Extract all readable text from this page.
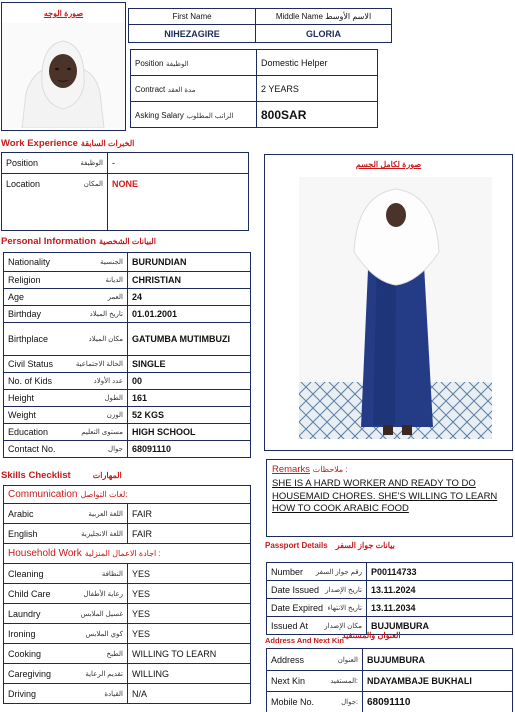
صورة الوجه	First Name	Middle Name الاسم الأوسط
NIHEZAGIRE	GLORIA
Position الوظيفة	Domestic Helper
Contract مدة العقد	2 YEARS
Asking Salary الراتب المطلوب	800SAR
Work Experience الخبرات السابقة
Position الوظيفة	-

Location المكان	NONE
Personal Information البيانات الشخصية
Nationality الجنسية	BURUNDIAN

Religion الديانة	CHRISTIAN

Age العمر	24

Birthday تاريخ الميلاد	01.01.2001

Birthplace مكان الميلاد	GATUMBA MUTIMBUZI

Civil Status الحالة الاجتماعية	SINGLE

No. of Kids عدد الأولاد	00

Height الطول	161

Weight الوزن	52 KGS

Education مستوى التعليم	HIGH SCHOOL

Contact No. جوال	68091110
Skills Checklist	المهارات
Communication لغات التواصل:	

Arabic اللغة العربية	FAIR

English اللغة الانجليزية	FAIR
Household Work اجادة الاعمال المنزلية :	

Cleaning النظافة	YES

Child Care رعاية الأطفال	YES

Laundry غسيل الملابس	YES

Ironing كوي الملابس	YES

Cooking الطبخ	WILLING TO LEARN

Caregiving تقديم الرعاية	WILLING

Driving القيادة	N/A
صورة لكامل الجسم
Remarks ملاحظات :
SHE IS A HARD WORKER AND READY TO DO HOUSEMAID CHORES. SHE'S WILLING TO LEARN HOW TO COOK ARABIC FOOD
Passport Details بيانات جواز السفر
Number رقم جواز السفر	P00114733

Date Issued تاريخ الإصدار	13.11.2024

Date Expired تاريخ الانتهاء	13.11.2034

Issued At مكان الإصدار	BUJUMBURA
Address And Next Kinالعنوان والمستفيد
Address العنوان	BUJUMBURA

Next Kin المستفيد:	NDAYAMBAJE BUKHALI

Mobile No. جوال:	68091110
